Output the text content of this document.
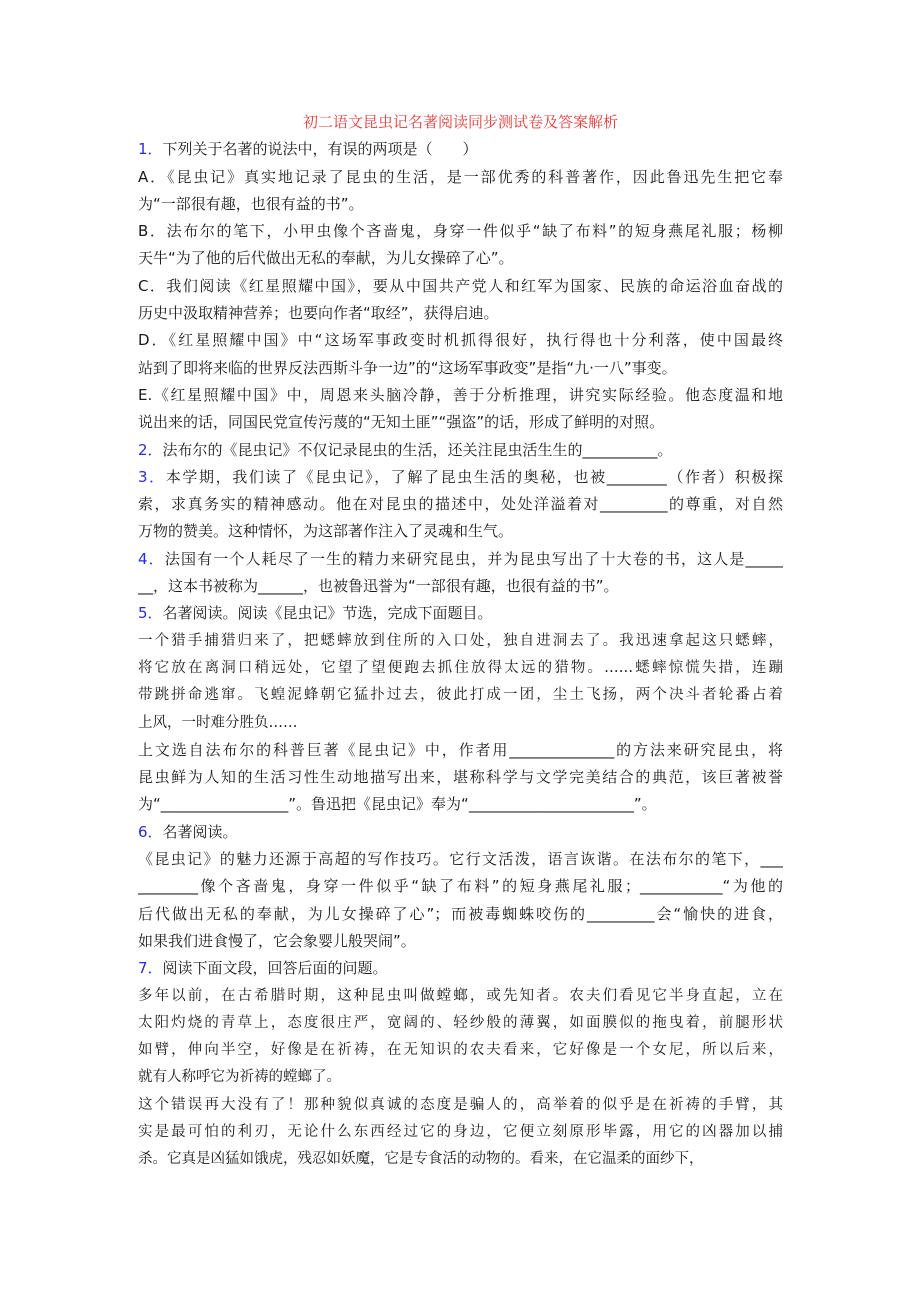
初二语文昆虫记名著阅读同步测试卷及答案解析
1．下列关于名著的说法中，有误的两项是（　　）
A．《昆虫记》真实地记录了昆虫的生活，是一部优秀的科普著作，因此鲁迅先生把它奉
为“一部很有趣，也很有益的书”。
B．法布尔的笔下，小甲虫像个吝啬鬼，身穿一件似乎“缺了布料”的短身燕尾礼服；杨柳
天牛“为了他的后代做出无私的奉献，为儿女操碎了心”。
C．我们阅读《红星照耀中国》，要从中国共产党人和红军为国家、民族的命运浴血奋战的
历史中汲取精神营养；也要向作者“取经”，获得启迪。
D．《红星照耀中国》中“这场军事政变时机抓得很好，执行得也十分利落，使中国最终
站到了即将来临的世界反法西斯斗争一边”的“这场军事政变”是指“九·一八”事变。
E.《红星照耀中国》中，周恩来头脑冷静，善于分析推理，讲究实际经验。他态度温和地
说出来的话，同国民党宣传污蔑的“无知土匪”“强盗”的话，形成了鲜明的对照。
2．法布尔的《昆虫记》不仅记录昆虫的生活，还关注昆虫活生生的__________。
3．本学期，我们读了《昆虫记》，了解了昆虫生活的奥秘，也被________（作者）积极探
索，求真务实的精神感动。他在对昆虫的描述中，处处洋溢着对_________的尊重，对自然
万物的赞美。这种情怀，为这部著作注入了灵魂和生气。
4．法国有一个人耗尽了一生的精力来研究昆虫，并为昆虫写出了十大卷的书，这人是_____
__，这本书被称为______，也被鲁迅誉为“一部很有趣，也很有益的书”。
5．名著阅读。阅读《昆虫记》节选，完成下面题目。
一个猎手捕猎归来了，把蟋蟀放到住所的入口处，独自进洞去了。我迅速拿起这只蟋蟀，
将它放在离洞口稍远处，它望了望便跑去抓住放得太远的猎物。……蟋蟀惊慌失措，连蹦
带跳拼命逃窜。飞蝗泥蜂朝它猛扑过去，彼此打成一团，尘土飞扬，两个决斗者轮番占着
上风，一时难分胜负……
上文选自法布尔的科普巨著《昆虫记》中，作者用______________的方法来研究昆虫，将
昆虫鲜为人知的生活习性生动地描写出来，堪称科学与文学完美结合的典范，该巨著被誉
为“_________________”。鲁迅把《昆虫记》奉为“______________________”。
6．名著阅读。
《昆虫记》的魅力还源于高超的写作技巧。它行文活泼，语言诙谐。在法布尔的笔下，___
________像个吝啬鬼，身穿一件似乎“缺了布料”的短身燕尾礼服；___________“为他的
后代做出无私的奉献，为儿女操碎了心”；而被毒蜘蛛咬伤的_________会“愉快的进食，
如果我们进食慢了，它会象婴儿般哭闹”。
7．阅读下面文段，回答后面的问题。
多年以前，在古希腊时期，这种昆虫叫做螳螂，或先知者。农夫们看见它半身直起，立在
太阳灼烧的青草上，态度很庄严，宽阔的、轻纱般的薄翼，如面膜似的拖曳着，前腿形状
如臂，伸向半空，好像是在祈祷，在无知识的农夫看来，它好像是一个女尼，所以后来，
就有人称呼它为祈祷的螳螂了。
这个错误再大没有了！那种貌似真诚的态度是骗人的，高举着的似乎是在祈祷的手臂，其
实是最可怕的利刃，无论什么东西经过它的身边，它便立刻原形毕露，用它的凶器加以捕
杀。它真是凶猛如饿虎，残忍如妖魔，它是专食活的动物的。看来，在它温柔的面纱下，
